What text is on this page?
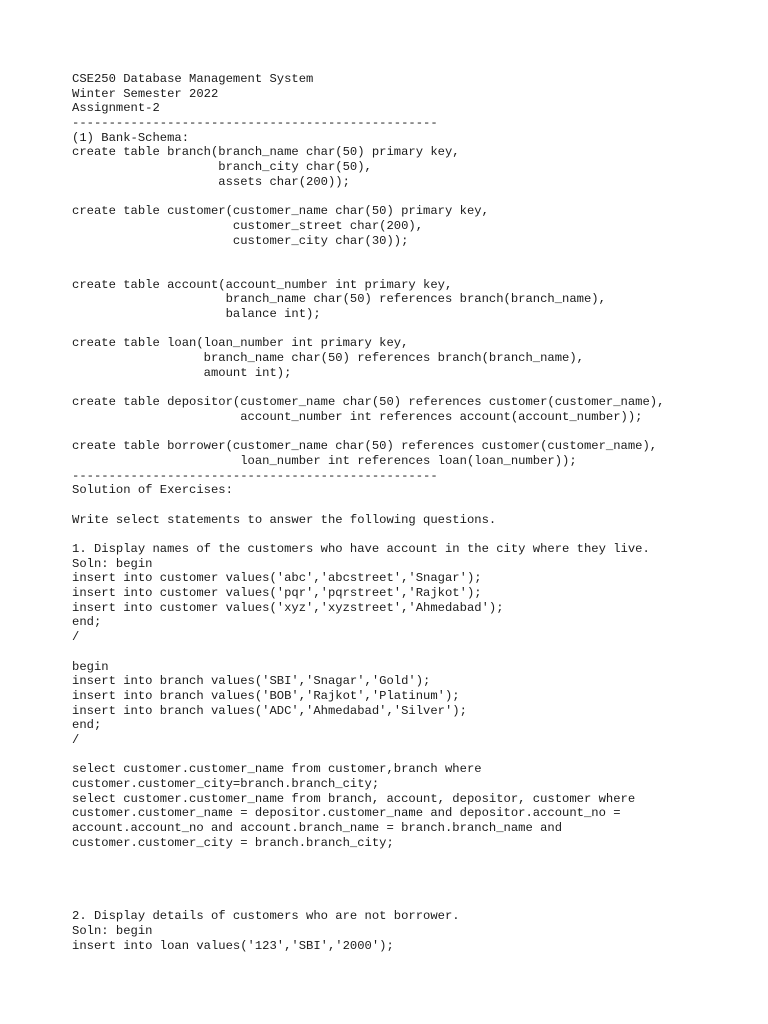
CSE250 Database Management System
Winter Semester 2022
Assignment-2
--------------------------------------------------
(1) Bank-Schema:
create table branch(branch_name char(50) primary key,
branch_city char(50),
assets char(200));
create table customer(customer_name char(50) primary key,
customer_street char(200),
customer_city char(30));
create table account(account_number int primary key,
branch_name char(50) references branch(branch_name),
balance int);
create table loan(loan_number int primary key,
branch_name char(50) references branch(branch_name),
amount int);
create table depositor(customer_name char(50) references customer(customer_name),
account_number int references account(account_number));
create table borrower(customer_name char(50) references customer(customer_name),
loan_number int references loan(loan_number));
--------------------------------------------------
Solution of Exercises:
Write select statements to answer the following questions.
1. Display names of the customers who have account in the city where they live.
Soln: begin
insert into customer values('abc','abcstreet','Snagar');
insert into customer values('pqr','pqrstreet','Rajkot');
insert into customer values('xyz','xyzstreet','Ahmedabad');
end;
/
begin
insert into branch values('SBI','Snagar','Gold');
insert into branch values('BOB','Rajkot','Platinum');
insert into branch values('ADC','Ahmedabad','Silver');
end;
/
select customer.customer_name from customer,branch where
customer.customer_city=branch.branch_city;
select customer.customer_name from branch, account, depositor, customer where
customer.customer_name = depositor.customer_name and depositor.account_no =
account.account_no and account.branch_name = branch.branch_name and
customer.customer_city = branch.branch_city;
2. Display details of customers who are not borrower.
Soln: begin
insert into loan values('123','SBI','2000');
